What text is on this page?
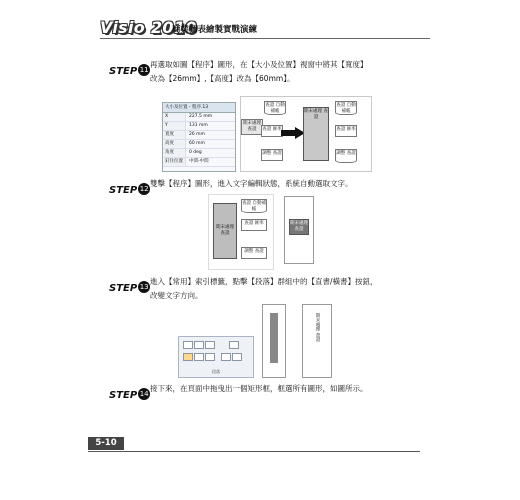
Visio 2010
商業圖表繪製實戰演練
STEP 11
再選取如圖【程序】圖形，在【大小及位置】視窗中將其【寬度】
改為【26mm】,【高度】改為【60mm】。
大小及位置 - 程序.13
X	227.5 mm
Y	131 mm
寬度	26 mm
高度	60 mm
角度	0 deg
釘住位置	中間-中間
查證 自動補帳
期末處理 查證	查證 匯率
調整 查證
期末處理 查證
查證 自動補帳
查證 匯率
調整 查證
STEP 12
雙擊【程序】圖形，進入文字編輯狀態，系統自動選取文字。
期末處理 查證
查證 自動補帳
查證 匯率
調整 查證
期末處理 查證
STEP 13
進入【常用】索引標籤，點擊【段落】群組中的【直書/橫書】按鈕，
改變文字方向。
段落
期末處理 查證
STEP 14
接下來，在頁面中拖曳出一個矩形框，框選所有圖形，如圖所示。
5-10
